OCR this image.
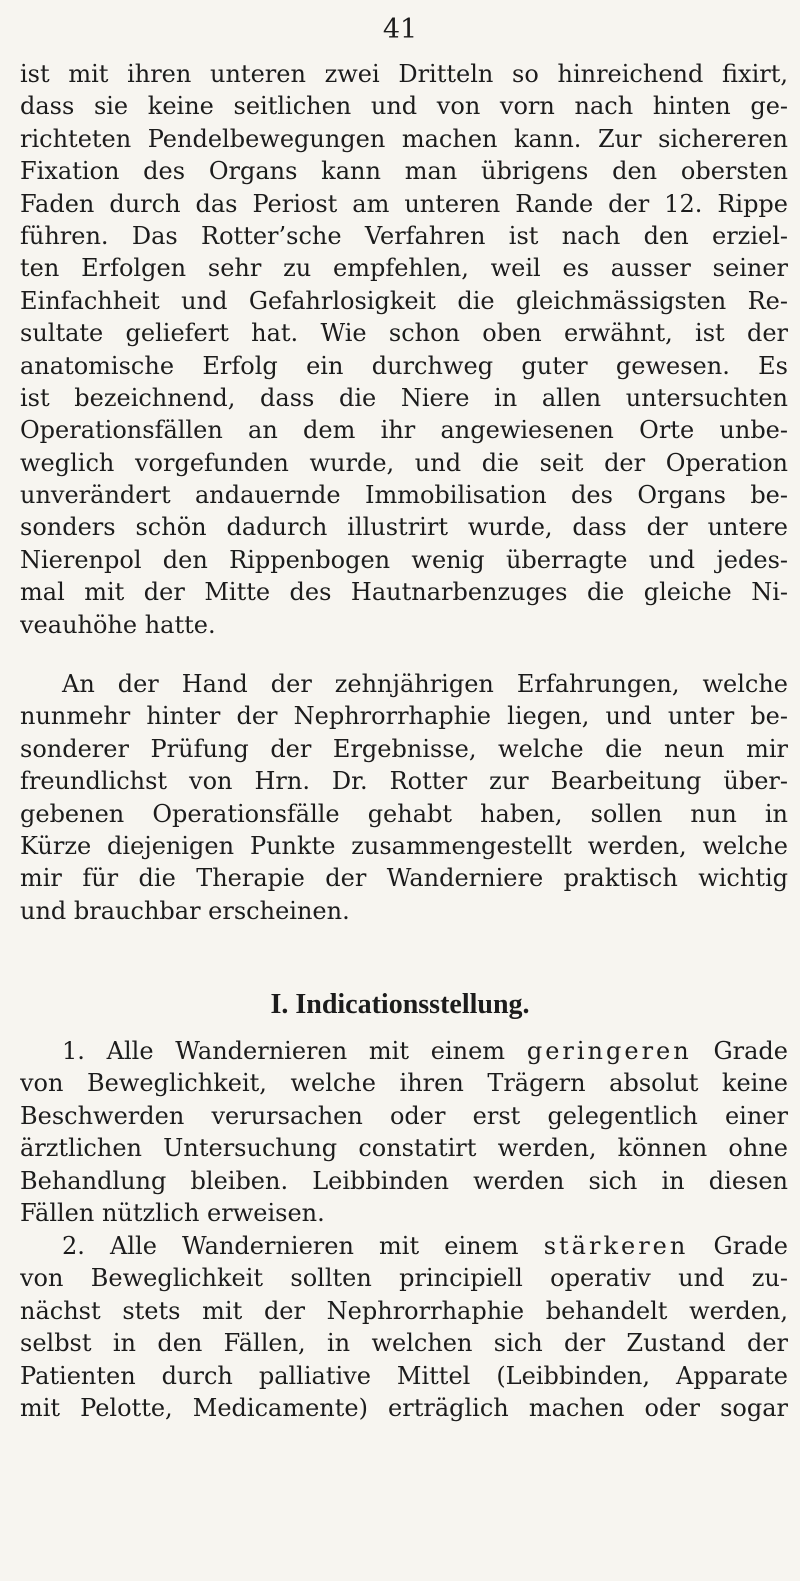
41
ist mit ihren unteren zwei Dritteln so hinreichend fixirt,
dass sie keine seitlichen und von vorn nach hinten ge-
richteten Pendelbewegungen machen kann. Zur sichereren
Fixation des Organs kann man übrigens den obersten
Faden durch das Periost am unteren Rande der 12. Rippe
führen. Das Rotter’sche Verfahren ist nach den erziel-
ten Erfolgen sehr zu empfehlen, weil es ausser seiner
Einfachheit und Gefahrlosigkeit die gleichmässigsten Re-
sultate geliefert hat. Wie schon oben erwähnt, ist der
anatomische Erfolg ein durchweg guter gewesen. Es
ist bezeichnend, dass die Niere in allen untersuchten
Operationsfällen an dem ihr angewiesenen Orte unbe-
weglich vorgefunden wurde, und die seit der Operation
unverändert andauernde Immobilisation des Organs be-
sonders schön dadurch illustrirt wurde, dass der untere
Nierenpol den Rippenbogen wenig überragte und jedes-
mal mit der Mitte des Hautnarbenzuges die gleiche Ni-
veauhöhe hatte.
An der Hand der zehnjährigen Erfahrungen, welche
nunmehr hinter der Nephrorrhaphie liegen, und unter be-
sonderer Prüfung der Ergebnisse, welche die neun mir
freundlichst von Hrn. Dr. Rotter zur Bearbeitung über-
gebenen Operationsfälle gehabt haben, sollen nun in
Kürze diejenigen Punkte zusammengestellt werden, welche
mir für die Therapie der Wanderniere praktisch wichtig
und brauchbar erscheinen.
I. Indicationsstellung.
1. Alle Wandernieren mit einem geringeren Grade
von Beweglichkeit, welche ihren Trägern absolut keine
Beschwerden verursachen oder erst gelegentlich einer
ärztlichen Untersuchung constatirt werden, können ohne
Behandlung bleiben. Leibbinden werden sich in diesen
Fällen nützlich erweisen.
2. Alle Wandernieren mit einem stärkeren Grade
von Beweglichkeit sollten principiell operativ und zu-
nächst stets mit der Nephrorrhaphie behandelt werden,
selbst in den Fällen, in welchen sich der Zustand der
Patienten durch palliative Mittel (Leibbinden, Apparate
mit Pelotte, Medicamente) erträglich machen oder sogar
